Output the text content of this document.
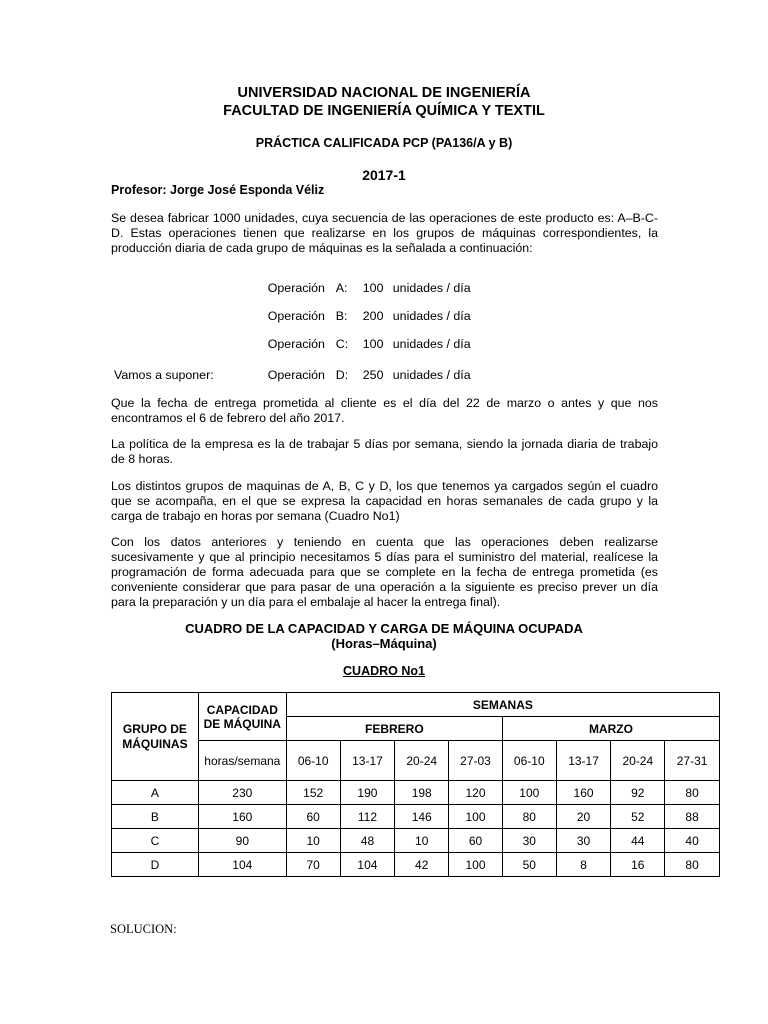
UNIVERSIDAD NACIONAL DE INGENIERÍA
FACULTAD DE INGENIERÍA QUÍMICA Y TEXTIL
PRÁCTICA CALIFICADA PCP (PA136/A y B)
2017-1
Profesor: Jorge José Esponda Véliz
Se desea fabricar 1000 unidades, cuya secuencia de las operaciones de este producto es: A–B-C-D. Estas operaciones tienen que realizarse en los grupos de máquinas correspondientes, la producción diaria de cada grupo de máquinas es la señalada a continuación:

Operación A: 100 unidades / día

Operación B: 200 unidades / día

Operación C: 100 unidades / día

Operación D: 250 unidades / día

Vamos a suponer:
Que la fecha de entrega prometida al cliente es el día del 22 de marzo o antes y que nos encontramos el 6 de febrero del año 2017.
La política de la empresa es la de trabajar 5 días por semana, siendo la jornada diaria de trabajo de 8 horas.
Los distintos grupos de maquinas de A, B, C y D, los que tenemos ya cargados según el cuadro que se acompaña, en el que se expresa la capacidad en horas semanales de cada grupo y la carga de trabajo en horas por semana (Cuadro No1)
Con los datos anteriores y teniendo en cuenta que las operaciones deben realizarse sucesivamente y que al principio necesitamos 5 días para el suministro del material, realícese la programación de forma adecuada para que se complete en la fecha de entrega prometida (es conveniente considerar que para pasar de una operación a la siguiente es preciso prever un día para la preparación y un día para el embalaje al hacer la entrega final).
CUADRO DE LA CAPACIDAD Y CARGA DE MÁQUINA OCUPADA
(Horas–Máquina)
CUADRO No1
GRUPO DE MÁQUINAS	CAPACIDAD DE MÁQUINA	SEMANAS							
		FEBRERO				MARZO			
	horas/semana	06-10	13-17	20-24	27-03	06-10	13-17	20-24	27-31
A	230	152	190	198	120	100	160	92	80
B	160	60	112	146	100	80	20	52	88
C	90	10	48	10	60	30	30	44	40
D	104	70	104	42	100	50	8	16	80
SOLUCION:
